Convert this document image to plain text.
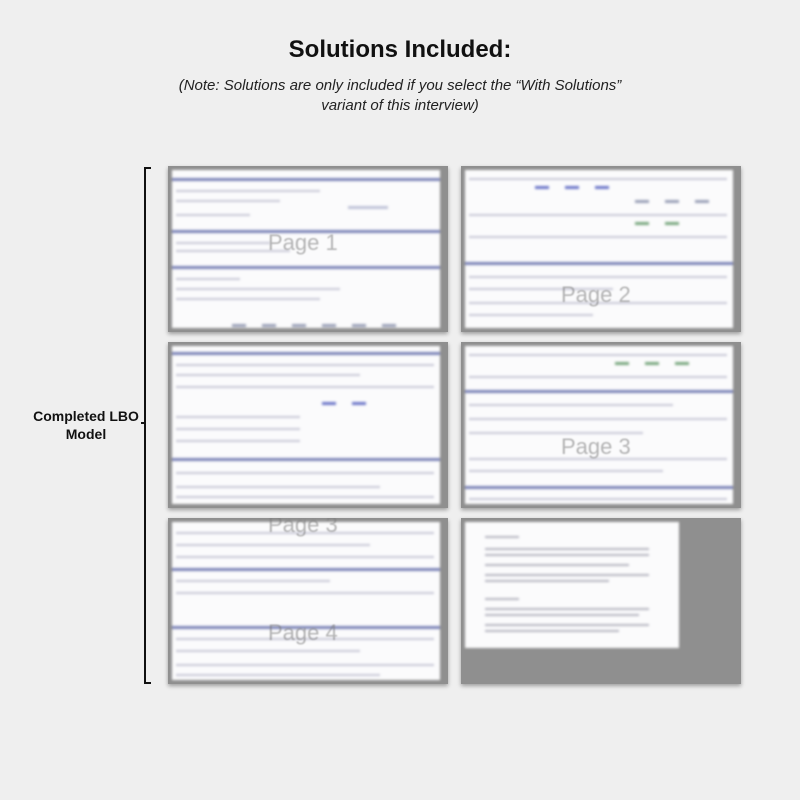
Solutions Included:
(Note: Solutions are only included if you select the “With Solutions” variant of this interview)
Completed LBO Model
Page 1
Page 2
Page 3
Page 3
Page 4
